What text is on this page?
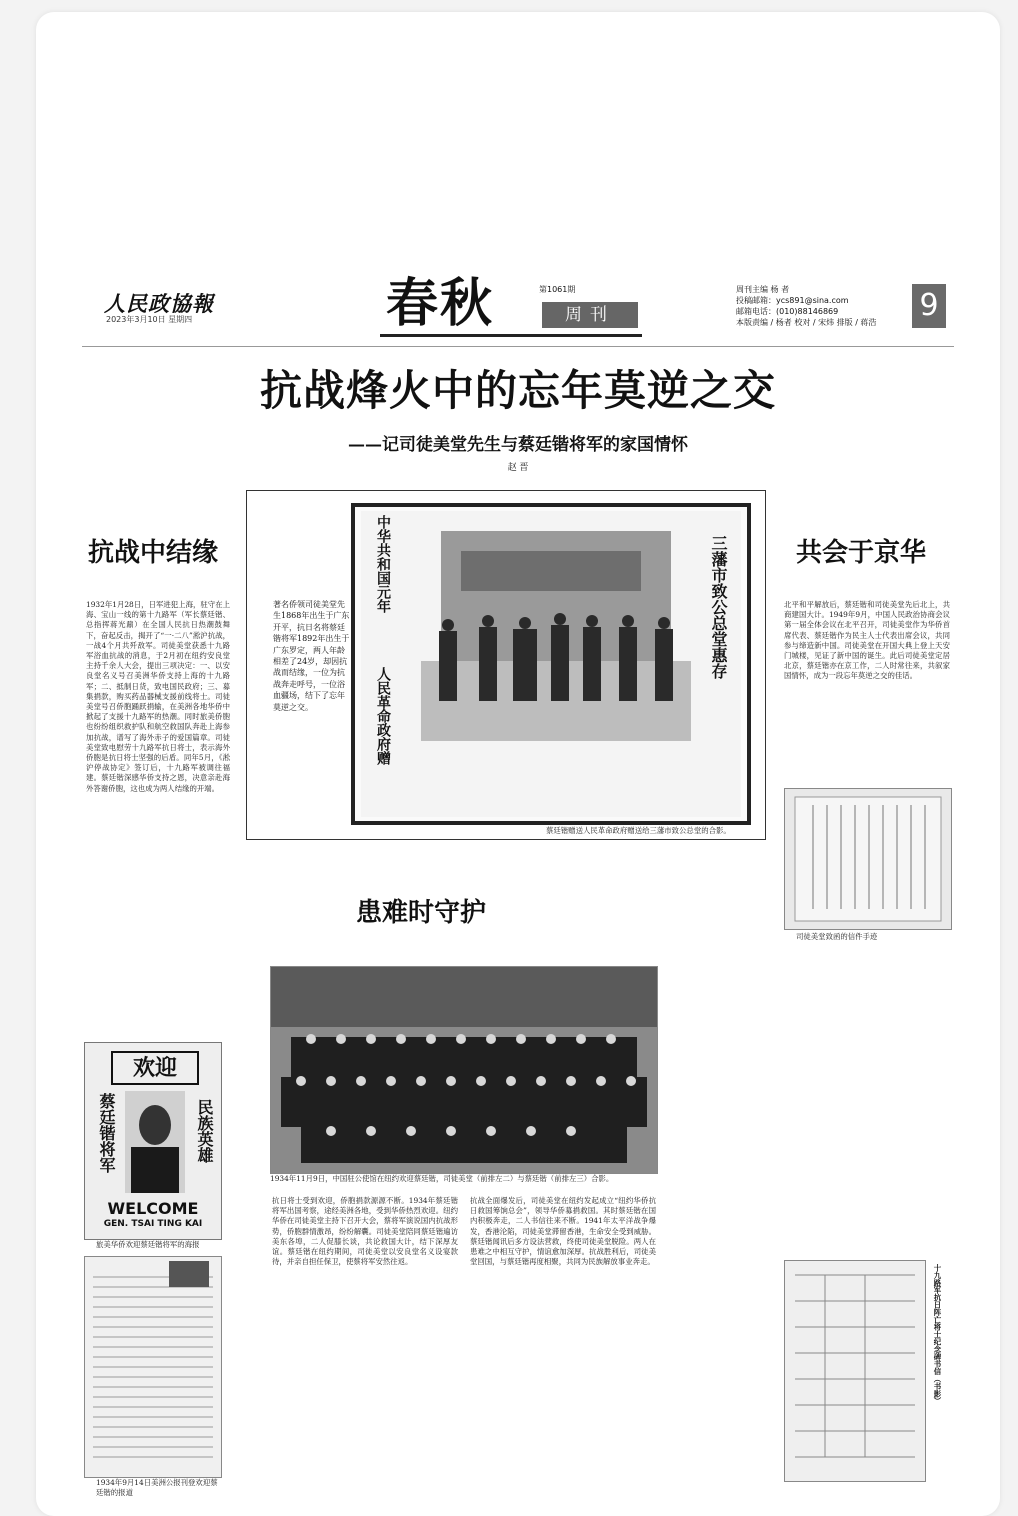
人民政協報
2023年3月10日 星期四	春秋	第1061期
周刊
周刊主编 杨 者
投稿邮箱：ycs891@sina.com
邮箱电话：(010)88146869
本版责编 / 杨者 校对 / 宋炜 排版 / 蒋浩 9
抗战烽火中的忘年莫逆之交
——记司徒美堂先生与蔡廷锴将军的家国情怀
赵 晋
抗战中结缘	共会于京华
患难时守护
著名侨领司徒美堂先生1868年出生于广东开平，抗日名将蔡廷锴将军1892年出生于广东罗定，两人年龄相差了24岁，却因抗战而结缘，一位为抗战奔走呼号，一位浴血疆场，结下了忘年莫逆之交。
中华共和国元年
人民革命政府赠
三藩市致公总堂惠存
蔡廷锴赠送人民革命政府赠送给三藩市致公总堂的合影。
1932年1月28日，日军进犯上海，驻守在上海、宝山一线的第十九路军（军长蔡廷锴、总指挥蒋光鼐）在全国人民抗日热潮鼓舞下，奋起反击，揭开了“一·二八”淞沪抗战，一战4个月共歼敌军。司徒美堂获悉十九路军浴血抗战的消息，于2月初在纽约安良堂主持千余人大会，提出三项决定：一、以安良堂名义号召美洲华侨支持上海的十九路军；二、抵制日货，致电国民政府；三、募集捐款，购买药品器械支援前线将士。司徒美堂号召侨胞踊跃捐输，在美洲各地华侨中掀起了支援十九路军的热潮。同时旅美侨胞也纷纷组织救护队和航空救国队奔赴上海参加抗战，谱写了海外赤子的爱国篇章。司徒美堂致电慰劳十九路军抗日将士，表示海外侨胞是抗日将士坚强的后盾。同年5月，《淞沪停战协定》签订后，十九路军被调往福建。蔡廷锴深感华侨支持之恩，决意亲赴海外答谢侨胞，这也成为两人结缘的开端。
欢迎
蔡廷锴将军	民族英雄
WELCOME
GEN. TSAI TING KAI
旅美华侨欢迎蔡廷锴将军的海报
1934年9月14日美洲公报刊登欢迎蔡廷锴的报道
1934年11月9日，中国驻公使馆在纽约欢迎蔡廷锴，司徒美堂（前排左二）与蔡廷锴（前排左三）合影。
抗日将士受到欢迎，侨胞捐款源源不断。1934年蔡廷锴将军出国考察，途经美洲各地，受到华侨热烈欢迎。纽约华侨在司徒美堂主持下召开大会，蔡将军演说国内抗战形势，侨胞群情激昂，纷纷解囊。司徒美堂陪同蔡廷锴遍访美东各埠，二人促膝长谈，共论救国大计，结下深厚友谊。蔡廷锴在纽约期间，司徒美堂以安良堂名义设宴款待，并亲自担任保卫，使蔡将军安然往返。
抗战全面爆发后，司徒美堂在纽约发起成立“纽约华侨抗日救国筹饷总会”，领导华侨募捐救国。其时蔡廷锴在国内积极奔走，二人书信往来不断。1941年太平洋战争爆发，香港沦陷，司徒美堂滞留香港，生命安全受到威胁。蔡廷锴闻讯后多方设法营救，终使司徒美堂脱险。两人在患难之中相互守护，情谊愈加深厚。抗战胜利后，司徒美堂回国，与蔡廷锴再度相聚，共同为民族解放事业奔走。
北平和平解放后，蔡廷锴和司徒美堂先后北上，共商建国大计。1949年9月，中国人民政治协商会议第一届全体会议在北平召开，司徒美堂作为华侨首席代表、蔡廷锴作为民主人士代表出席会议，共同参与缔造新中国。司徒美堂在开国大典上登上天安门城楼，见证了新中国的诞生。此后司徒美堂定居北京，蔡廷锴亦在京工作，二人时常往来，共叙家国情怀，成为一段忘年莫逆之交的佳话。
司徒美堂致函的信件手迹
十九路军抗日阵亡将士纪念碑书信（书影）
